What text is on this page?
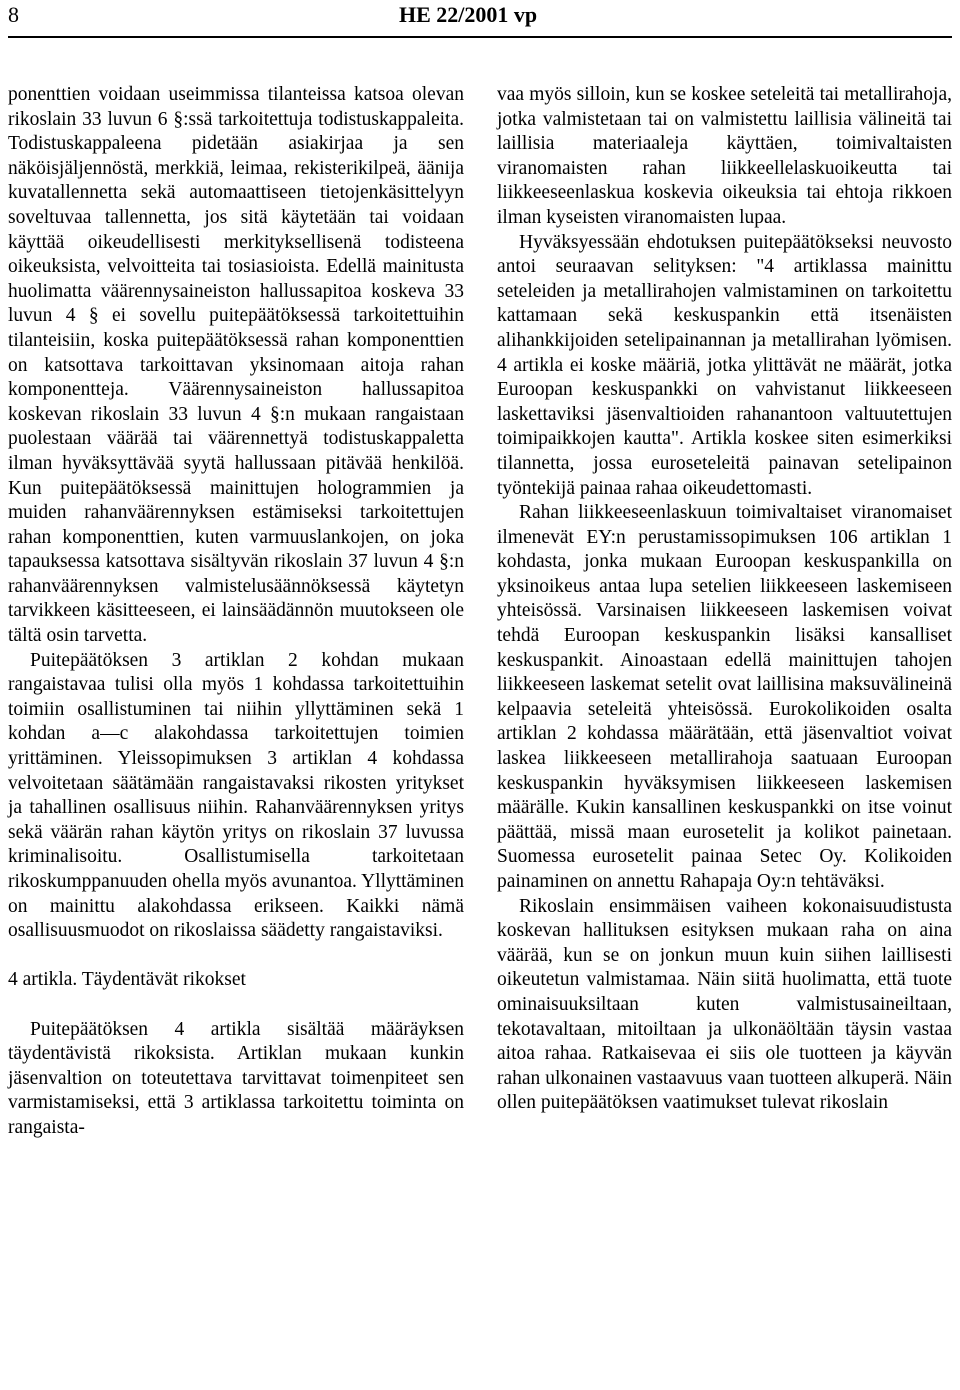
8	HE 22/2001 vp

ponenttien voidaan useimmissa tilanteissa katsoa olevan rikoslain 33 luvun 6 §:ssä tarkoitettuja todistuskappaleita. Todistuskappaleena pidetään asiakirjaa ja sen näköisjäljennöstä, merkkiä, leimaa, rekisterikilpeä, äänija kuvatallennetta sekä automaattiseen tietojenkäsittelyyn soveltuvaa tallennetta, jos sitä käytetään tai voidaan käyttää oikeudellisesti merkityksellisenä todisteena oikeuksista, velvoitteita tai tosiasioista. Edellä mainitusta huolimatta väärennysaineiston hallussapitoa koskeva 33 luvun 4 § ei sovellu puitepäätöksessä tarkoitettuihin tilanteisiin, koska puitepäätöksessä rahan komponenttien on katsottava tarkoittavan yksinomaan aitoja rahan komponentteja. Väärennysaineiston hallussapitoa koskevan rikoslain 33 luvun 4 §:n mukaan rangaistaan puolestaan väärää tai väärennettyä todistuskappaletta ilman hyväksyttävää syytä hallussaan pitävää henkilöä. Kun puitepäätöksessä mainittujen hologrammien ja muiden rahanväärennyksen estämiseksi tarkoitettujen rahan komponenttien, kuten varmuuslankojen, on joka tapauksessa katsottava sisältyvän rikoslain 37 luvun 4 §:n rahanväärennyksen valmistelusäännöksessä käytetyn tarvikkeen käsitteeseen, ei lainsäädännön muutokseen ole tältä osin tarvetta.

Puitepäätöksen 3 artiklan 2 kohdan mukaan rangaistavaa tulisi olla myös 1 kohdassa tarkoitettuihin toimiin osallistuminen tai niihin yllyttäminen sekä 1 kohdan a—c alakohdassa tarkoitettujen toimien yrittäminen. Yleissopimuksen 3 artiklan 4 kohdassa velvoitetaan säätämään rangaistavaksi rikosten yritykset ja tahallinen osallisuus niihin. Rahanväärennyksen yritys sekä väärän rahan käytön yritys on rikoslain 37 luvussa kriminalisoitu. Osallistumisella tarkoitetaan rikoskumppanuuden ohella myös avunantoa. Yllyttäminen on mainittu alakohdassa erikseen. Kaikki nämä osallisuusmuodot on rikoslaissa säädetty rangaistaviksi.

4 artikla. Täydentävät rikokset

Puitepäätöksen 4 artikla sisältää määräyksen täydentävistä rikoksista. Artiklan mukaan kunkin jäsenvaltion on toteutettava tarvittavat toimenpiteet sen varmistamiseksi, että 3 artiklassa tarkoitettu toiminta on rangaista-

vaa myös silloin, kun se koskee seteleitä tai metallirahoja, jotka valmistetaan tai on valmistettu laillisia välineitä tai laillisia materiaaleja käyttäen, toimivaltaisten viranomaisten rahan liikkeellelaskuoikeutta tai liikkeeseenlaskua koskevia oikeuksia tai ehtoja rikkoen ilman kyseisten viranomaisten lupaa.

Hyväksyessään ehdotuksen puitepäätökseksi neuvosto antoi seuraavan selityksen: "4 artiklassa mainittu seteleiden ja metallirahojen valmistaminen on tarkoitettu kattamaan sekä keskuspankin että itsenäisten alihankkijoiden setelipainannan ja metallirahan lyömisen. 4 artikla ei koske määriä, jotka ylittävät ne määrät, jotka Euroopan keskuspankki on vahvistanut liikkeeseen laskettaviksi jäsenvaltioiden rahanantoon valtuutettujen toimipaikkojen kautta". Artikla koskee siten esimerkiksi tilannetta, jossa euroseteleitä painavan setelipainon työntekijä painaa rahaa oikeudettomasti.

Rahan liikkeeseenlaskuun toimivaltaiset viranomaiset ilmenevät EY:n perustamissopimuksen 106 artiklan 1 kohdasta, jonka mukaan Euroopan keskuspankilla on yksinoikeus antaa lupa setelien liikkeeseen laskemiseen yhteisössä. Varsinaisen liikkeeseen laskemisen voivat tehdä Euroopan keskuspankin lisäksi kansalliset keskuspankit. Ainoastaan edellä mainittujen tahojen liikkeeseen laskemat setelit ovat laillisina maksuvälineinä kelpaavia seteleitä yhteisössä. Eurokolikoiden osalta artiklan 2 kohdassa määrätään, että jäsenvaltiot voivat laskea liikkeeseen metallirahoja saatuaan Euroopan keskuspankin hyväksymisen liikkeeseen laskemisen määrälle. Kukin kansallinen keskuspankki on itse voinut päättää, missä maan eurosetelit ja kolikot painetaan. Suomessa eurosetelit painaa Setec Oy. Kolikoiden painaminen on annettu Rahapaja Oy:n tehtäväksi.

Rikoslain ensimmäisen vaiheen kokonaisuudistusta koskevan hallituksen esityksen mukaan raha on aina väärää, kun se on jonkun muun kuin siihen laillisesti oikeutetun valmistamaa. Näin siitä huolimatta, että tuote ominaisuuksiltaan kuten valmistusaineiltaan, tekotavaltaan, mitoiltaan ja ulkonäöltään täysin vastaa aitoa rahaa. Ratkaisevaa ei siis ole tuotteen ja käyvän rahan ulkonainen vastaavuus vaan tuotteen alkuperä. Näin ollen puitepäätöksen vaatimukset tulevat rikoslain
